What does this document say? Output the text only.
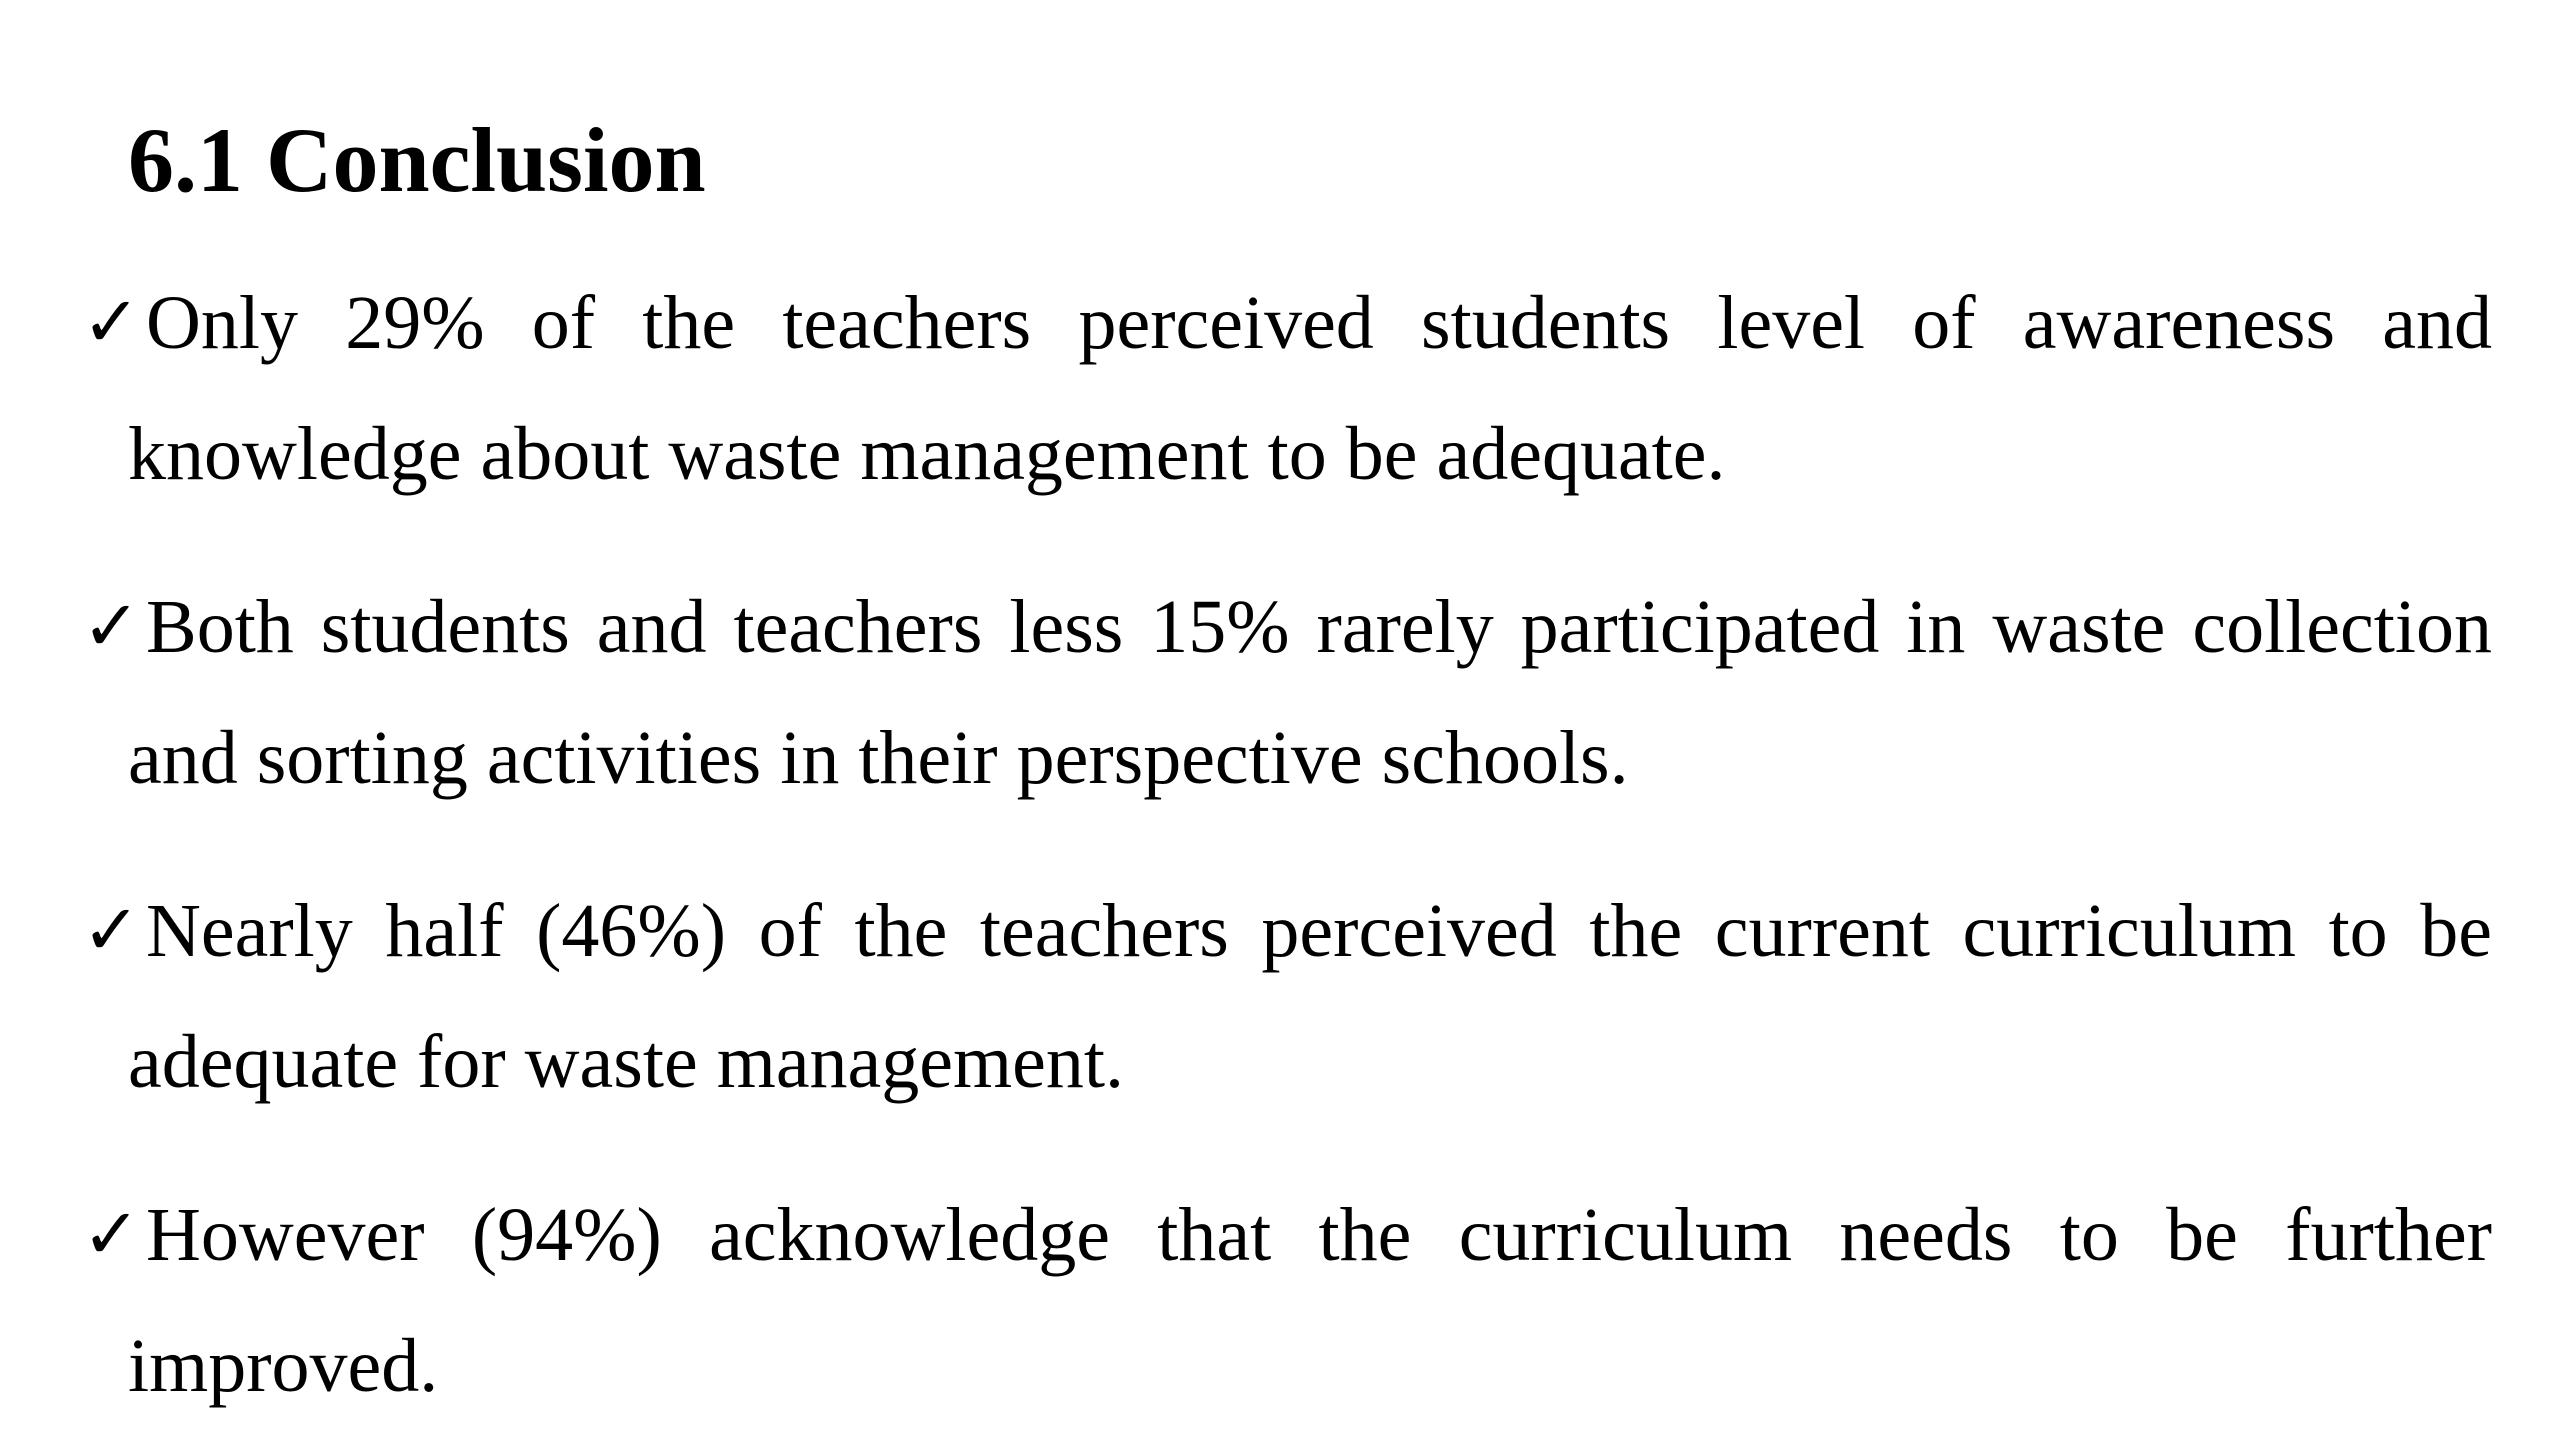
6.1 Conclusion
✓ Only 29% of the teachers perceived students level of awareness and knowledge about waste management to be adequate.
✓ Both students and teachers less 15% rarely participated in waste collection and sorting activities in their perspective schools.
✓ Nearly half (46%) of the teachers perceived the current curriculum to be adequate for waste management.
✓ However (94%) acknowledge that the curriculum needs to be further improved.
